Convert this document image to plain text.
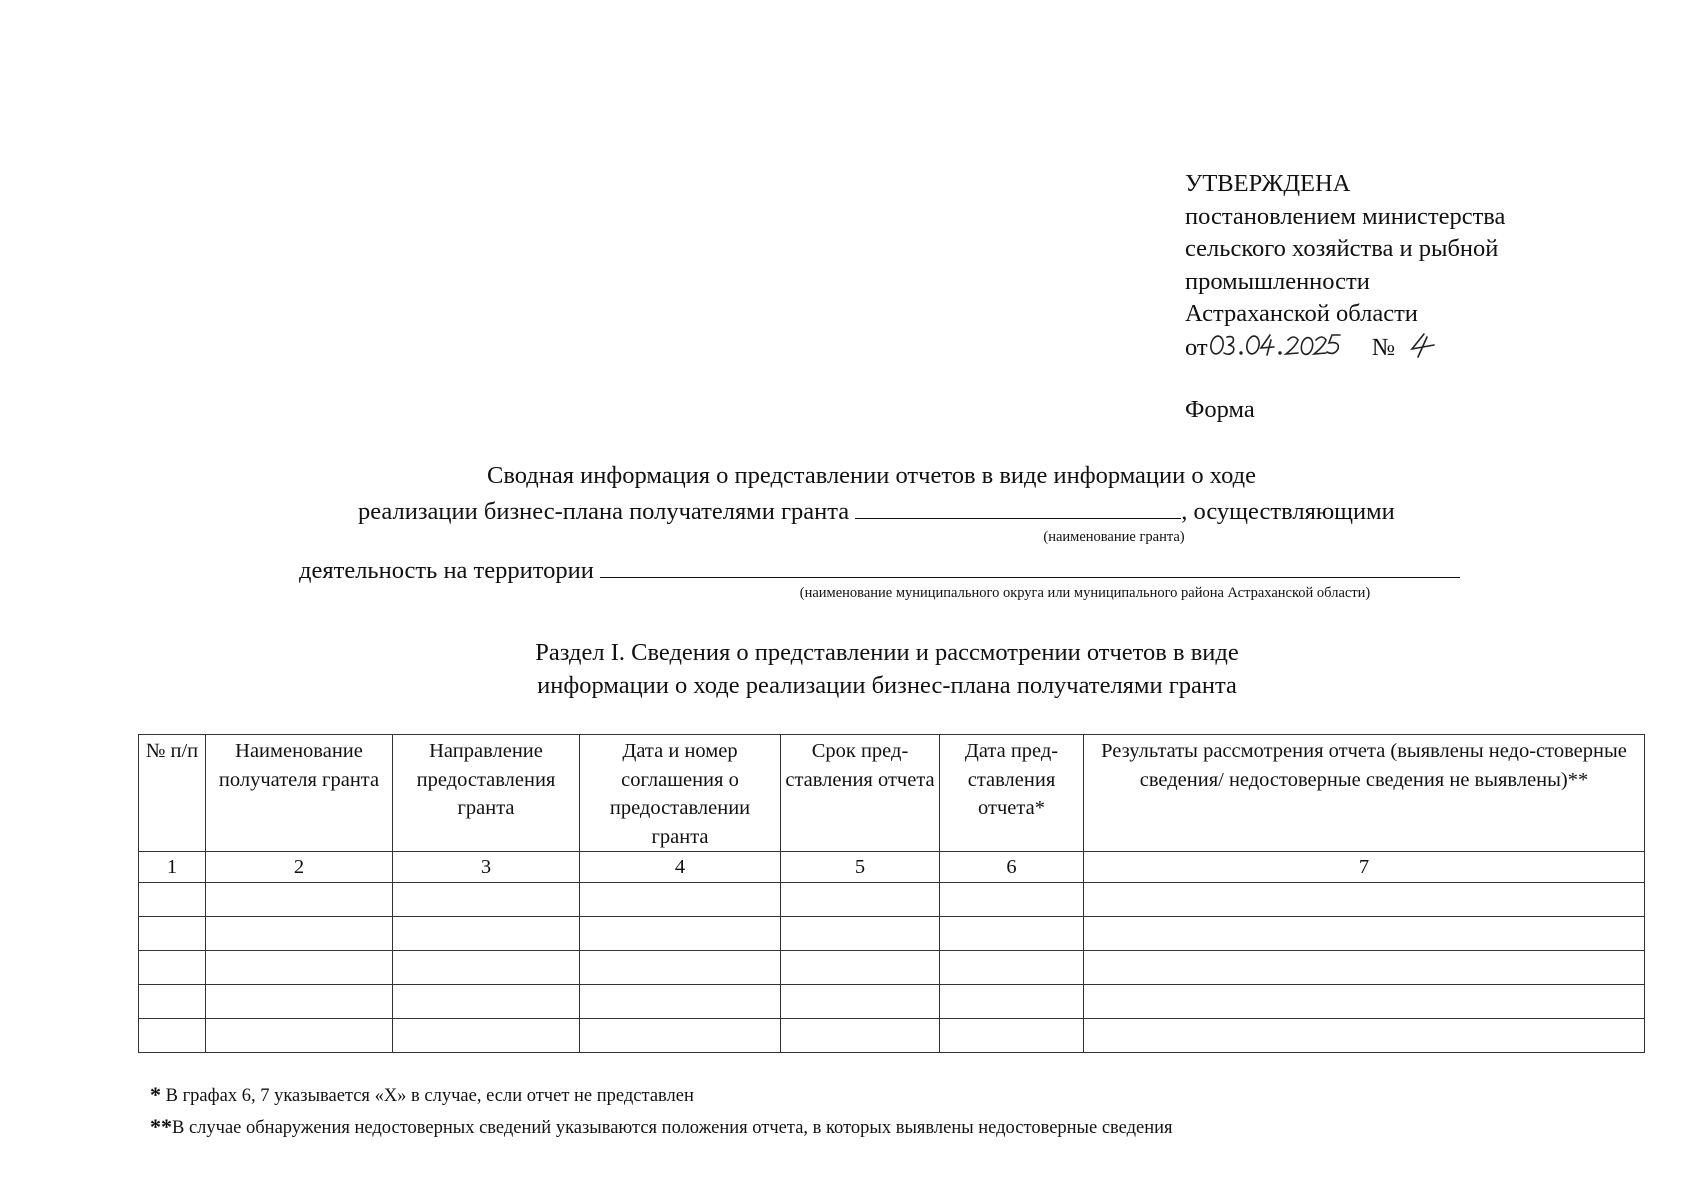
УТВЕРЖДЕНА
постановлением министерства
сельского хозяйства и рыбной
промышленности
Астраханской области
от	№
Форма
Сводная информация о представлении отчетов в виде информации о ходе
реализации бизнес-плана получателями гранта	, осуществляющими
(наименование гранта)
деятельность на территории
(наименование муниципального округа или муниципального района Астраханской области)
Раздел I. Сведения о представлении и рассмотрении отчетов в виде
информации о ходе реализации бизнес-плана получателями гранта
№ п/п	Наименование получателя гранта	Направление предоставления гранта	Дата и номер соглашения о предоставлении гранта	Срок пред-ставления отчета	Дата пред-ставления отчета*	Результаты рассмотрения отчета (выявлены недо-стоверные сведения/ недостоверные сведения не выявлены)**
1	2	3	4	5	6	7

* В графах 6, 7 указывается «Х» в случае, если отчет не представлен
**В случае обнаружения недостоверных сведений указываются положения отчета, в которых выявлены недостоверные сведения
